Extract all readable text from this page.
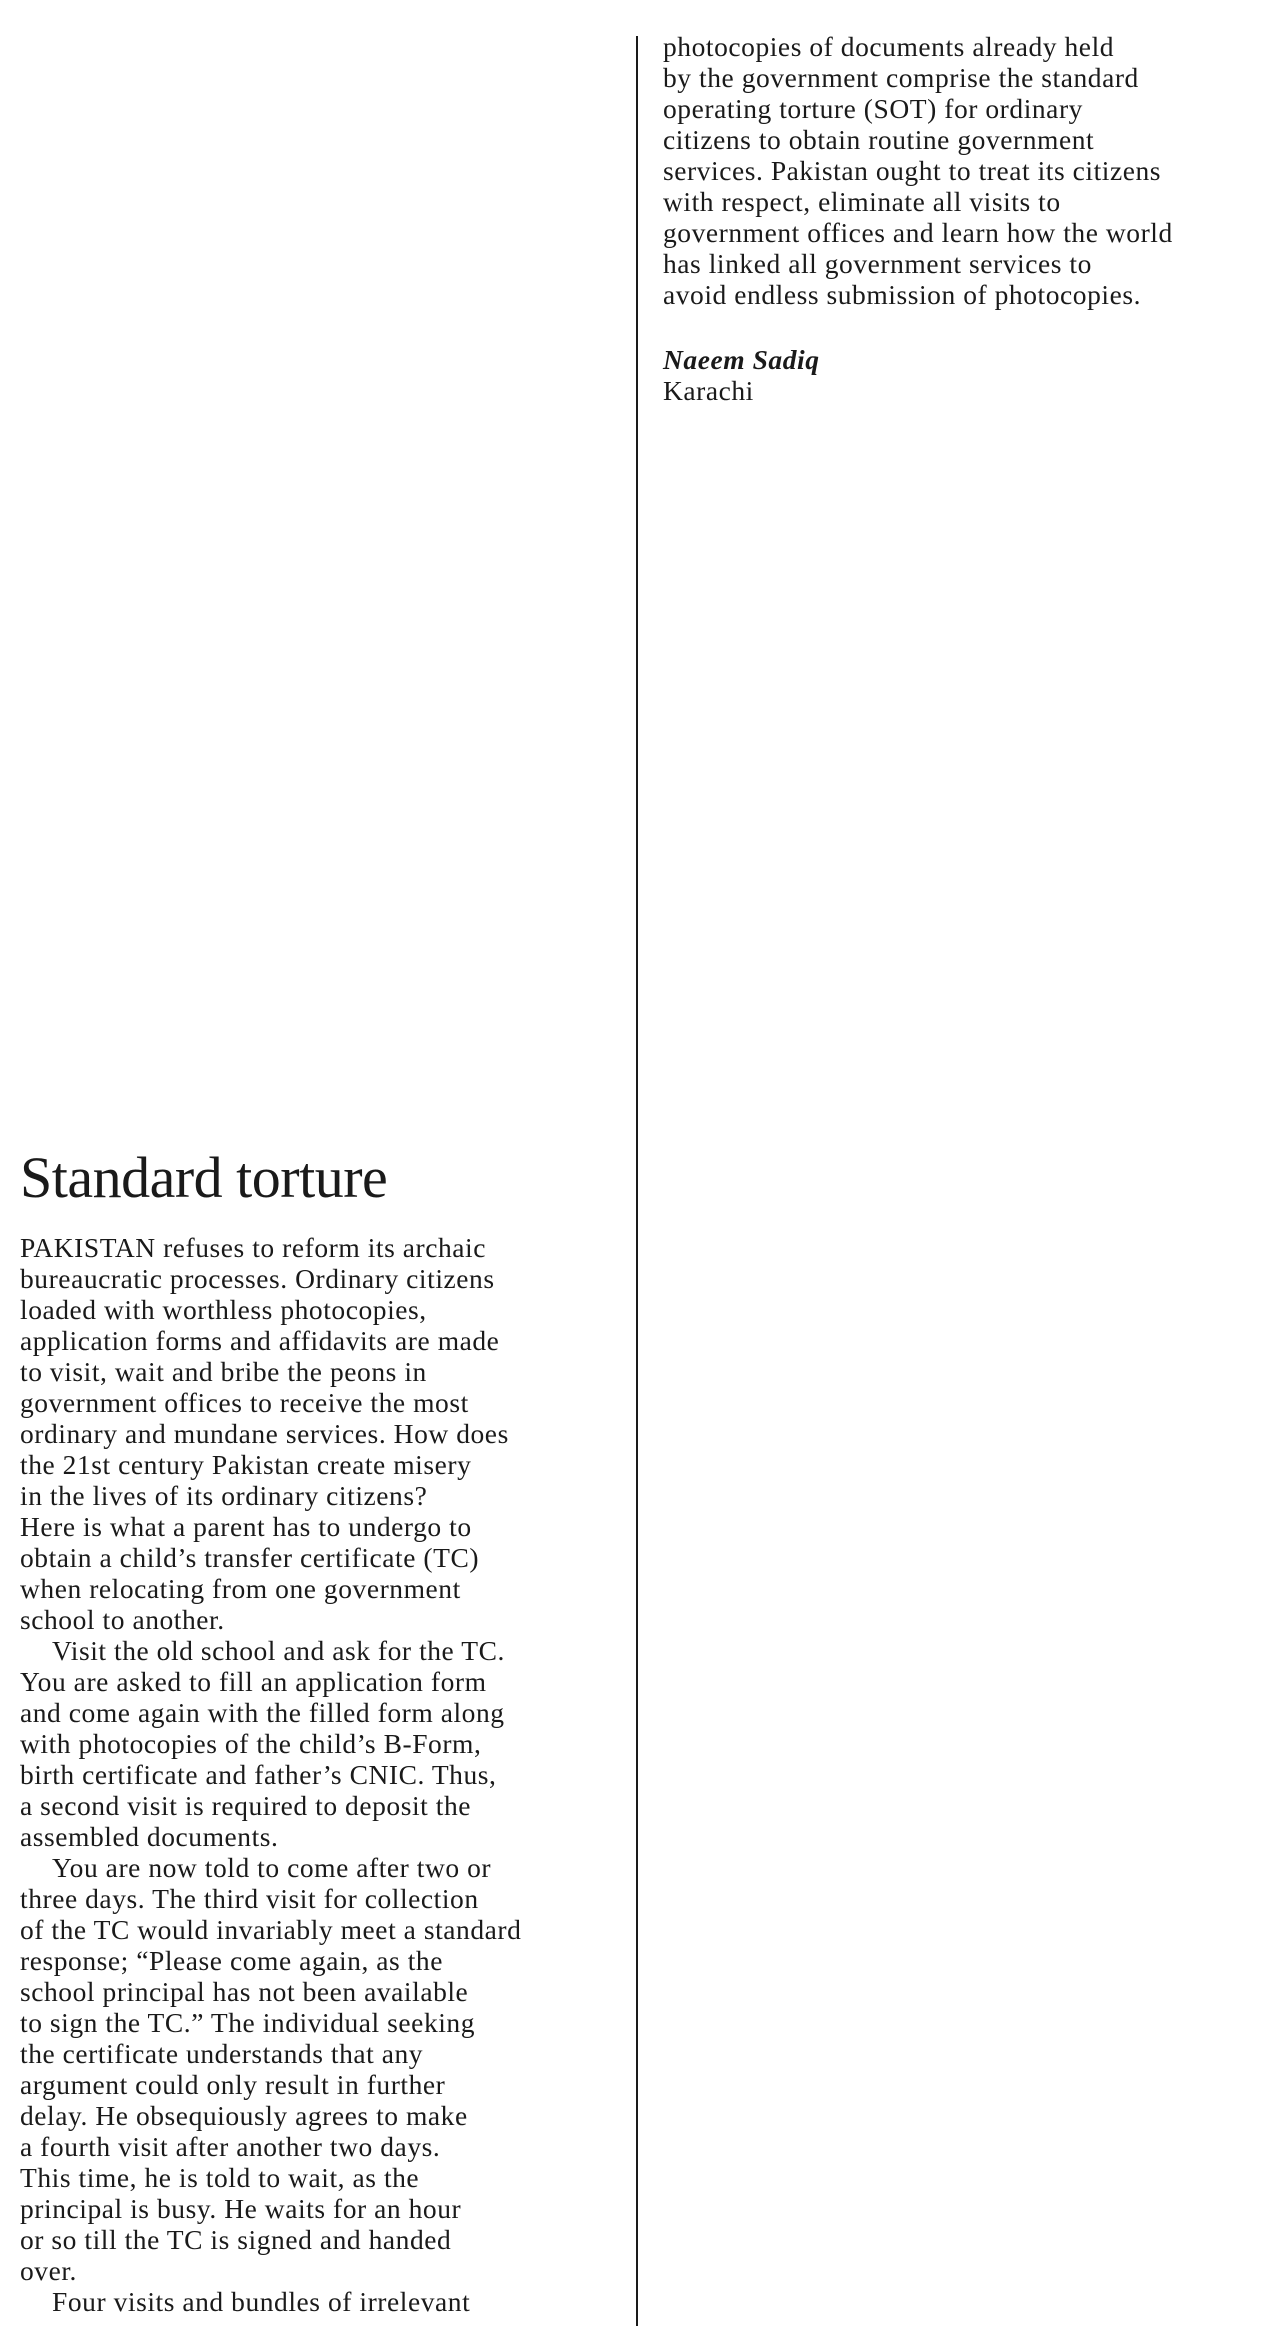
photocopies of documents already held
by the government comprise the standard
operating torture (SOT) for ordinary
citizens to obtain routine government
services. Pakistan ought to treat its citizens
with respect, eliminate all visits to
government offices and learn how the world
has linked all government services to
avoid endless submission of photocopies.

Naeem Sadiq
Karachi
Standard torture

PAKISTAN refuses to reform its archaic
bureaucratic processes. Ordinary citizens
loaded with worthless photocopies,
application forms and affidavits are made
to visit, wait and bribe the peons in
government offices to receive the most
ordinary and mundane services. How does
the 21st century Pakistan create misery
in the lives of its ordinary citizens?
Here is what a parent has to undergo to
obtain a child’s transfer certificate (TC)
when relocating from one government
school to another.

Visit the old school and ask for the TC.
You are asked to fill an application form
and come again with the filled form along
with photocopies of the child’s B-Form,
birth certificate and father’s CNIC. Thus,
a second visit is required to deposit the
assembled documents.

You are now told to come after two or
three days. The third visit for collection
of the TC would invariably meet a standard
response; “Please come again, as the
school principal has not been available
to sign the TC.” The individual seeking
the certificate understands that any
argument could only result in further
delay. He obsequiously agrees to make
a fourth visit after another two days.
This time, he is told to wait, as the
principal is busy. He waits for an hour
or so till the TC is signed and handed
over.

Four visits and bundles of irrelevant
